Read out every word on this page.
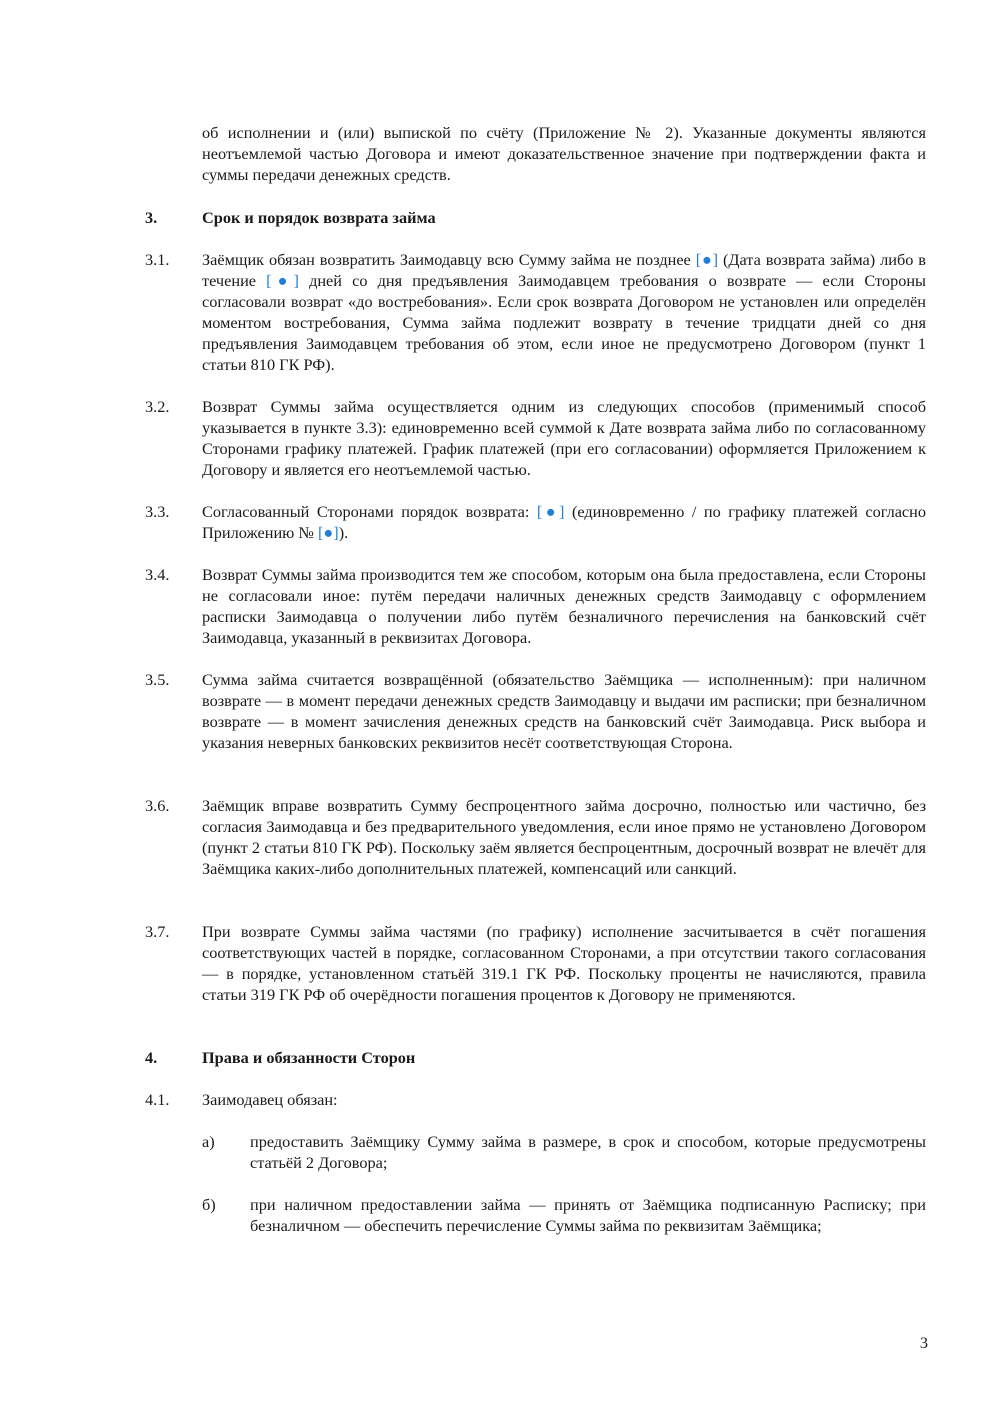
об исполнении и (или) выпиской по счёту (Приложение № 2). Указанные документы являются неотъемлемой частью Договора и имеют доказательственное значение при подтверждении факта и суммы передачи денежных средств.

3.	Срок и порядок возврата займа

3.1. Заёмщик обязан возвратить Заимодавцу всю Сумму займа не позднее [●] (Дата возврата займа) либо в течение [●] дней со дня предъявления Заимодавцем требования о возврате — если Стороны согласовали возврат «до востребования». Если срок возврата Договором не установлен или определён моментом востребования, Сумма займа подлежит возврату в течение тридцати дней со дня предъявления Заимодавцем требования об этом, если иное не предусмотрено Договором (пункт 1 статьи 810 ГК РФ).

3.2. Возврат Суммы займа осуществляется одним из следующих способов (применимый способ указывается в пункте 3.3): единовременно всей суммой к Дате возврата займа либо по согласованному Сторонами графику платежей. График платежей (при его согласовании) оформляется Приложением к Договору и является его неотъемлемой частью.

3.3. Согласованный Сторонами порядок возврата: [●] (единовременно / по графику платежей согласно Приложению № [●]).

3.4. Возврат Суммы займа производится тем же способом, которым она была предоставлена, если Стороны не согласовали иное: путём передачи наличных денежных средств Заимодавцу с оформлением расписки Заимодавца о получении либо путём безналичного перечисления на банковский счёт Заимодавца, указанный в реквизитах Договора.

3.5. Сумма займа считается возвращённой (обязательство Заёмщика — исполненным): при наличном возврате — в момент передачи денежных средств Заимодавцу и выдачи им расписки; при безналичном возврате — в момент зачисления денежных средств на банковский счёт Заимодавца. Риск выбора и указания неверных банковских реквизитов несёт соответствующая Сторона.

3.6. Заёмщик вправе возвратить Сумму беспроцентного займа досрочно, полностью или частично, без согласия Заимодавца и без предварительного уведомления, если иное прямо не установлено Договором (пункт 2 статьи 810 ГК РФ). Поскольку заём является беспроцентным, досрочный возврат не влечёт для Заёмщика каких-либо дополнительных платежей, компенсаций или санкций.

3.7. При возврате Суммы займа частями (по графику) исполнение засчитывается в счёт погашения соответствующих частей в порядке, согласованном Сторонами, а при отсутствии такого согласования — в порядке, установленном статьёй 319.1 ГК РФ. Поскольку проценты не начисляются, правила статьи 319 ГК РФ об очерёдности погашения процентов к Договору не применяются.

4.	Права и обязанности Сторон

4.1. Заимодавец обязан:

а) предоставить Заёмщику Сумму займа в размере, в срок и способом, которые предусмотрены статьёй 2 Договора;

б) при наличном предоставлении займа — принять от Заёмщика подписанную Расписку; при безналичном — обеспечить перечисление Суммы займа по реквизитам Заёмщика;

3
